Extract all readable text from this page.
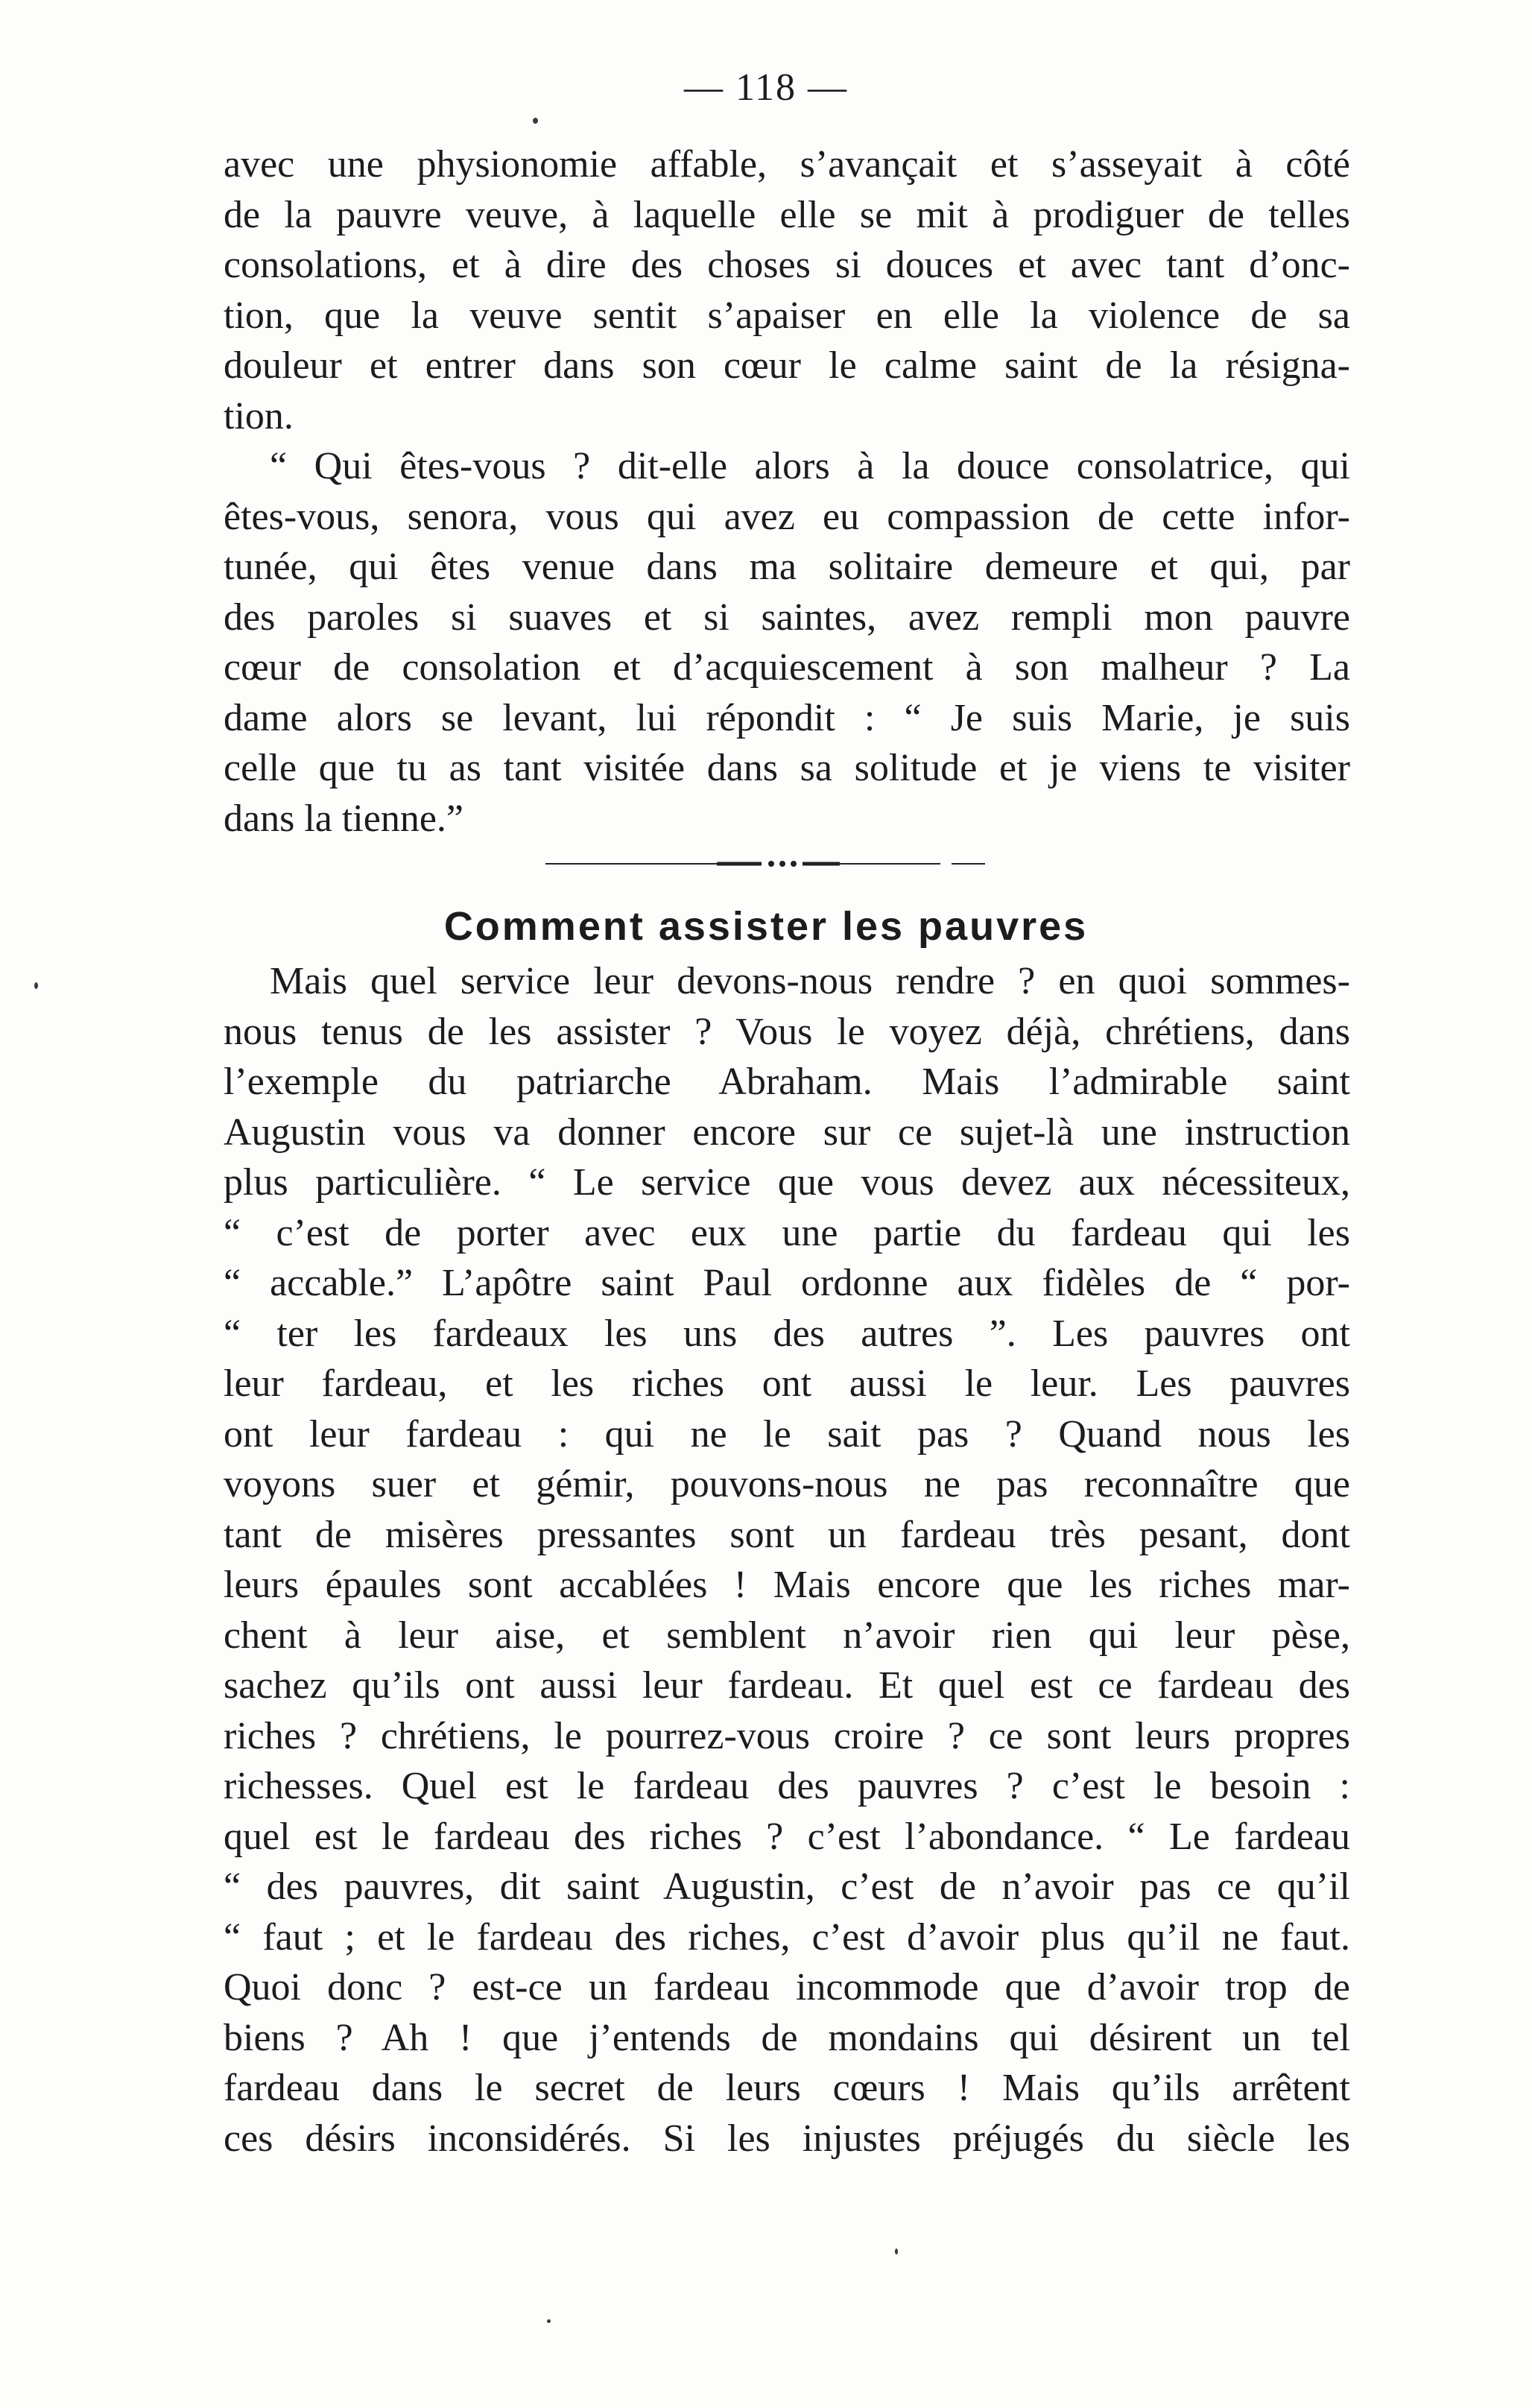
— 118 —
avec une physionomie affable, s’avançait et s’asseyait à côté
de la pauvre veuve, à laquelle elle se mit à prodiguer de telles
consolations, et à dire des choses si douces et avec tant d’onc-
tion, que la veuve sentit s’apaiser en elle la violence de sa
douleur et entrer dans son cœur le calme saint de la résigna-
tion.
“ Qui êtes-vous ? dit-elle alors à la douce consolatrice, qui
êtes-vous, senora, vous qui avez eu compassion de cette infor-
tunée, qui êtes venue dans ma solitaire demeure et qui, par
des paroles si suaves et si saintes, avez rempli mon pauvre
cœur de consolation et d’acquiescement à son malheur ? La
dame alors se levant, lui répondit : “ Je suis Marie, je suis
celle que tu as tant visitée dans sa solitude et je viens te visiter
dans la tienne.”
Comment assister les pauvres
Mais quel service leur devons-nous rendre ? en quoi sommes-
nous tenus de les assister ? Vous le voyez déjà, chrétiens, dans
l’exemple du patriarche Abraham. Mais l’admirable saint
Augustin vous va donner encore sur ce sujet-là une instruction
plus particulière. “ Le service que vous devez aux nécessiteux,
“ c’est de porter avec eux une partie du fardeau qui les
“ accable.” L’apôtre saint Paul ordonne aux fidèles de “ por-
“ ter les fardeaux les uns des autres ”. Les pauvres ont
leur fardeau, et les riches ont aussi le leur. Les pauvres
ont leur fardeau : qui ne le sait pas ? Quand nous les
voyons suer et gémir, pouvons-nous ne pas reconnaître que
tant de misères pressantes sont un fardeau très pesant, dont
leurs épaules sont accablées ! Mais encore que les riches mar-
chent à leur aise, et semblent n’avoir rien qui leur pèse,
sachez qu’ils ont aussi leur fardeau. Et quel est ce fardeau des
riches ? chrétiens, le pourrez-vous croire ? ce sont leurs propres
richesses. Quel est le fardeau des pauvres ? c’est le besoin :
quel est le fardeau des riches ? c’est l’abondance. “ Le fardeau
“ des pauvres, dit saint Augustin, c’est de n’avoir pas ce qu’il
“ faut ; et le fardeau des riches, c’est d’avoir plus qu’il ne faut.
Quoi donc ? est-ce un fardeau incommode que d’avoir trop de
biens ? Ah ! que j’entends de mondains qui désirent un tel
fardeau dans le secret de leurs cœurs ! Mais qu’ils arrêtent
ces désirs inconsidérés. Si les injustes préjugés du siècle les
